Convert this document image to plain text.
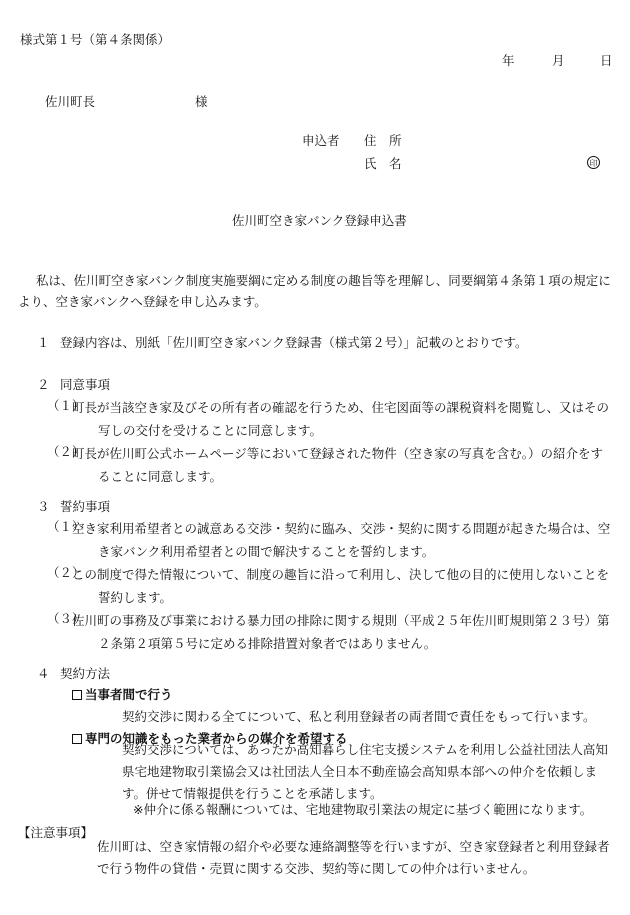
様式第１号（第４条関係）
年	月	日
佐川町長	様
申込者 住　所
氏　名	印
佐川町空き家バンク登録申込書
私は、佐川町空き家バンク制度実施要綱に定める制度の趣旨等を理解し、同要綱第４条第１項の規定により、空き家バンクへ登録を申し込みます。
１ 登録内容は、別紙「佐川町空き家バンク登録書（様式第２号）」記載のとおりです。
２ 同意事項
（１）
町長が当該空き家及びその所有者の確認を行うため、住宅図面等の課税資料を閲覧し、又はその写しの交付を受けることに同意します。
（２）
町長が佐川町公式ホームページ等において登録された物件（空き家の写真を含む。）の紹介をすることに同意します。
３ 誓約事項
（１）
空き家利用希望者との誠意ある交渉・契約に臨み、交渉・契約に関する問題が起きた場合は、空き家バンク利用希望者との間で解決することを誓約します。
（２）
この制度で得た情報について、制度の趣旨に沿って利用し、決して他の目的に使用しないことを誓約します。
（３）
佐川町の事務及び事業における暴力団の排除に関する規則（平成２５年佐川町規則第２３号）第２条第２項第５号に定める排除措置対象者ではありません。
４ 契約方法
当事者間で行う
契約交渉に関わる全てについて、私と利用登録者の両者間で責任をもって行います。
専門の知識をもった業者からの媒介を希望する
契約交渉については、あったか高知暮らし住宅支援システムを利用し公益社団法人高知県宅地建物取引業協会又は社団法人全日本不動産協会高知県本部への仲介を依頼します。併せて情報提供を行うことを承諾します。
※仲介に係る報酬については、宅地建物取引業法の規定に基づく範囲になります。
【注意事項】
佐川町は、空き家情報の紹介や必要な連絡調整等を行いますが、空き家登録者と利用登録者で行う物件の貸借・売買に関する交渉、契約等に関しての仲介は行いません。
